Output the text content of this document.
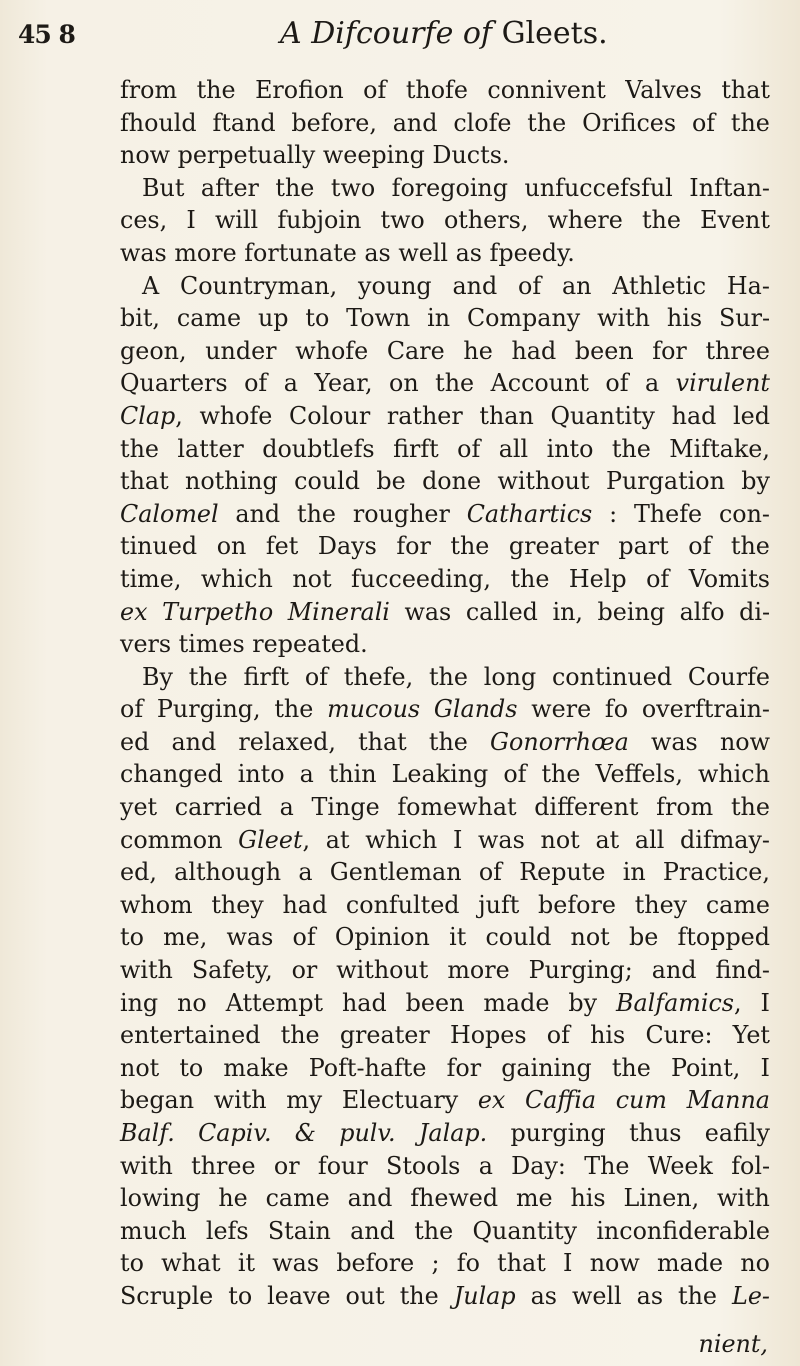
45 8	A Difcourfe of Gleets.
from the Erofion of thofe connivent Valves that
fhould ftand before, and clofe the Orifices of the
now perpetually weeping Ducts.
But after the two foregoing unfuccefsful Inftan-
ces, I will fubjoin two others, where the Event
was more fortunate as well as fpeedy.
A Countryman, young and of an Athletic Ha-
bit, came up to Town in Company with his Sur-
geon, under whofe Care he had been for three
Quarters of a Year, on the Account of a virulent
Clap, whofe Colour rather than Quantity had led
the latter doubtlefs firft of all into the Miftake,
that nothing could be done without Purgation by
Calomel and the rougher Cathartics : Thefe con-
tinued on fet Days for the greater part of the
time, which not fucceeding, the Help of Vomits
ex Turpetho Minerali was called in, being alfo di-
vers times repeated.
By the firft of thefe, the long continued Courfe
of Purging, the mucous Glands were fo overftrain-
ed and relaxed, that the Gonorrhœa was now
changed into a thin Leaking of the Veffels, which
yet carried a Tinge fomewhat different from the
common Gleet, at which I was not at all difmay-
ed, although a Gentleman of Repute in Practice,
whom they had confulted juft before they came
to me, was of Opinion it could not be ftopped
with Safety, or without more Purging; and find-
ing no Attempt had been made by Balfamics, I
entertained the greater Hopes of his Cure: Yet
not to make Poft-hafte for gaining the Point, I
began with my Electuary ex Caffia cum Manna
Balf. Capiv. & pulv. Jalap. purging thus eafily
with three or four Stools a Day: The Week fol-
lowing he came and fhewed me his Linen, with
much lefs Stain and the Quantity inconfiderable
to what it was before ; fo that I now made no
Scruple to leave out the Julap as well as the Le-
nient,
